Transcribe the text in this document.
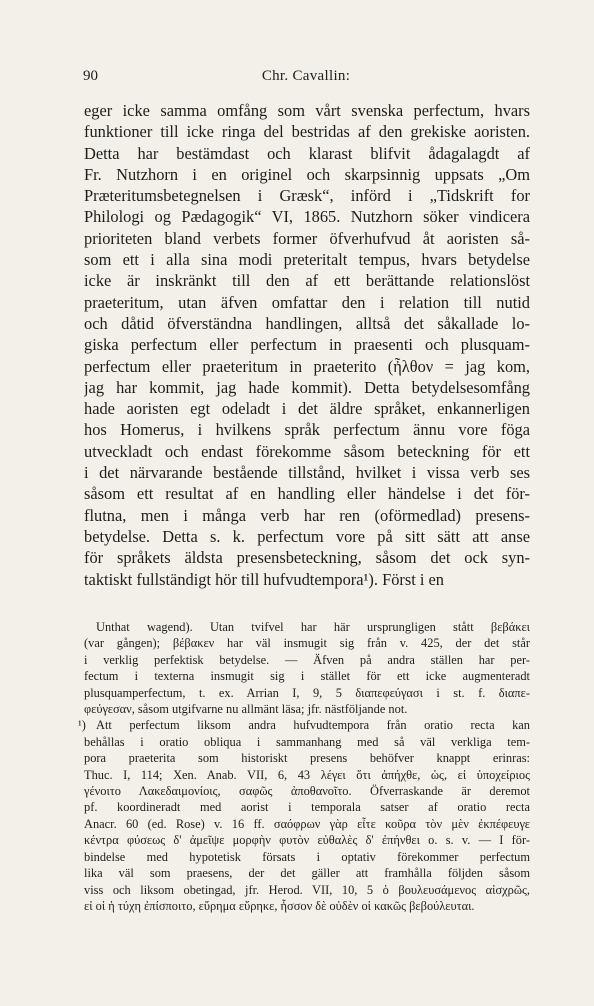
90	Chr. Cavallin:
eger icke samma omfång som vårt svenska perfectum, hvars
funktioner till icke ringa del bestridas af den grekiske aoristen.
Detta har bestämdast och klarast blifvit ådagalagdt af
Fr. Nutzhorn i en originel och skarpsinnig uppsats „Om
Præteritumsbetegnelsen i Græsk“, införd i „Tidskrift for
Philologi og Pædagogik“ VI, 1865. Nutzhorn söker vindicera
prioriteten bland verbets former öfverhufvud åt aoristen så-
som ett i alla sina modi preteritalt tempus, hvars betydelse
icke är inskränkt till den af ett berättande relationslöst
praeteritum, utan äfven omfattar den i relation till nutid
och dåtid öfverständna handlingen, alltså det såkallade lo-
giska perfectum eller perfectum in praesenti och plusquam-
perfectum eller praeteritum in praeterito (ἦλθον = jag kom,
jag har kommit, jag hade kommit). Detta betydelsesomfång
hade aoristen egt odeladt i det äldre språket, enkannerligen
hos Homerus, i hvilkens språk perfectum ännu vore föga
utveckladt och endast förekomme såsom beteckning för ett
i det närvarande bestående tillstånd, hvilket i vissa verb ses
såsom ett resultat af en handling eller händelse i det för-
flutna, men i många verb har ren (oförmedlad) presens-
betydelse. Detta s. k. perfectum vore på sitt sätt att anse
för språkets äldsta presensbeteckning, såsom det ock syn-
taktiskt fullständigt hör till hufvudtempora¹). Först i en
Unthat wagend). Utan tvifvel har här ursprungligen stått βεβάκει
(var gången); βέβακεν har väl insmugit sig från v. 425, der det står
i verklig perfektisk betydelse. — Äfven på andra ställen har per-
fectum i texterna insmugit sig i stället för ett icke augmenteradt
plusquamperfectum, t. ex. Arrian I, 9, 5 διαπεφεύγασι i st. f. διαπε-
φεύγεσαν, såsom utgifvarne nu allmänt läsa; jfr. nästföljande not.
¹) Att perfectum liksom andra hufvudtempora från oratio recta kan
behållas i oratio obliqua i sammanhang med så väl verkliga tem-
pora praeterita som historiskt presens behöfver knappt erinras:
Thuc. I, 114; Xen. Anab. VII, 6, 43 λέγει ὅτι ἀπήχθε, ὡς, εἰ ὑποχείριος
γένοιτο Λακεδαιμονίοις, σαφῶς ἀποθανοῖτο. Öfverraskande är deremot
pf. koordineradt med aorist i temporala satser af oratio recta
Anacr. 60 (ed. Rose) v. 16 ff. σαόφρων γὰρ εἶτε κοῦρα τὸν μὲν ἐκπέφευγε
κέντρα φύσεως δ' ἀμεῖψε μορφὴν φυτὸν εὐθαλὲς δ' ἐπήνθει o. s. v. — I för-
bindelse med hypotetisk försats i optativ förekommer perfectum
lika väl som praesens, der det gäller att framhålla följden såsom
viss och liksom obetingad, jfr. Herod. VII, 10, 5 ὁ βουλευσάμενος αἰσχρῶς,
εἰ οἱ ἡ τύχη ἐπίσποιτο, εὕρημα εὕρηκε, ἧσσον δὲ οὐδὲν οἱ κακῶς βεβούλευται.
